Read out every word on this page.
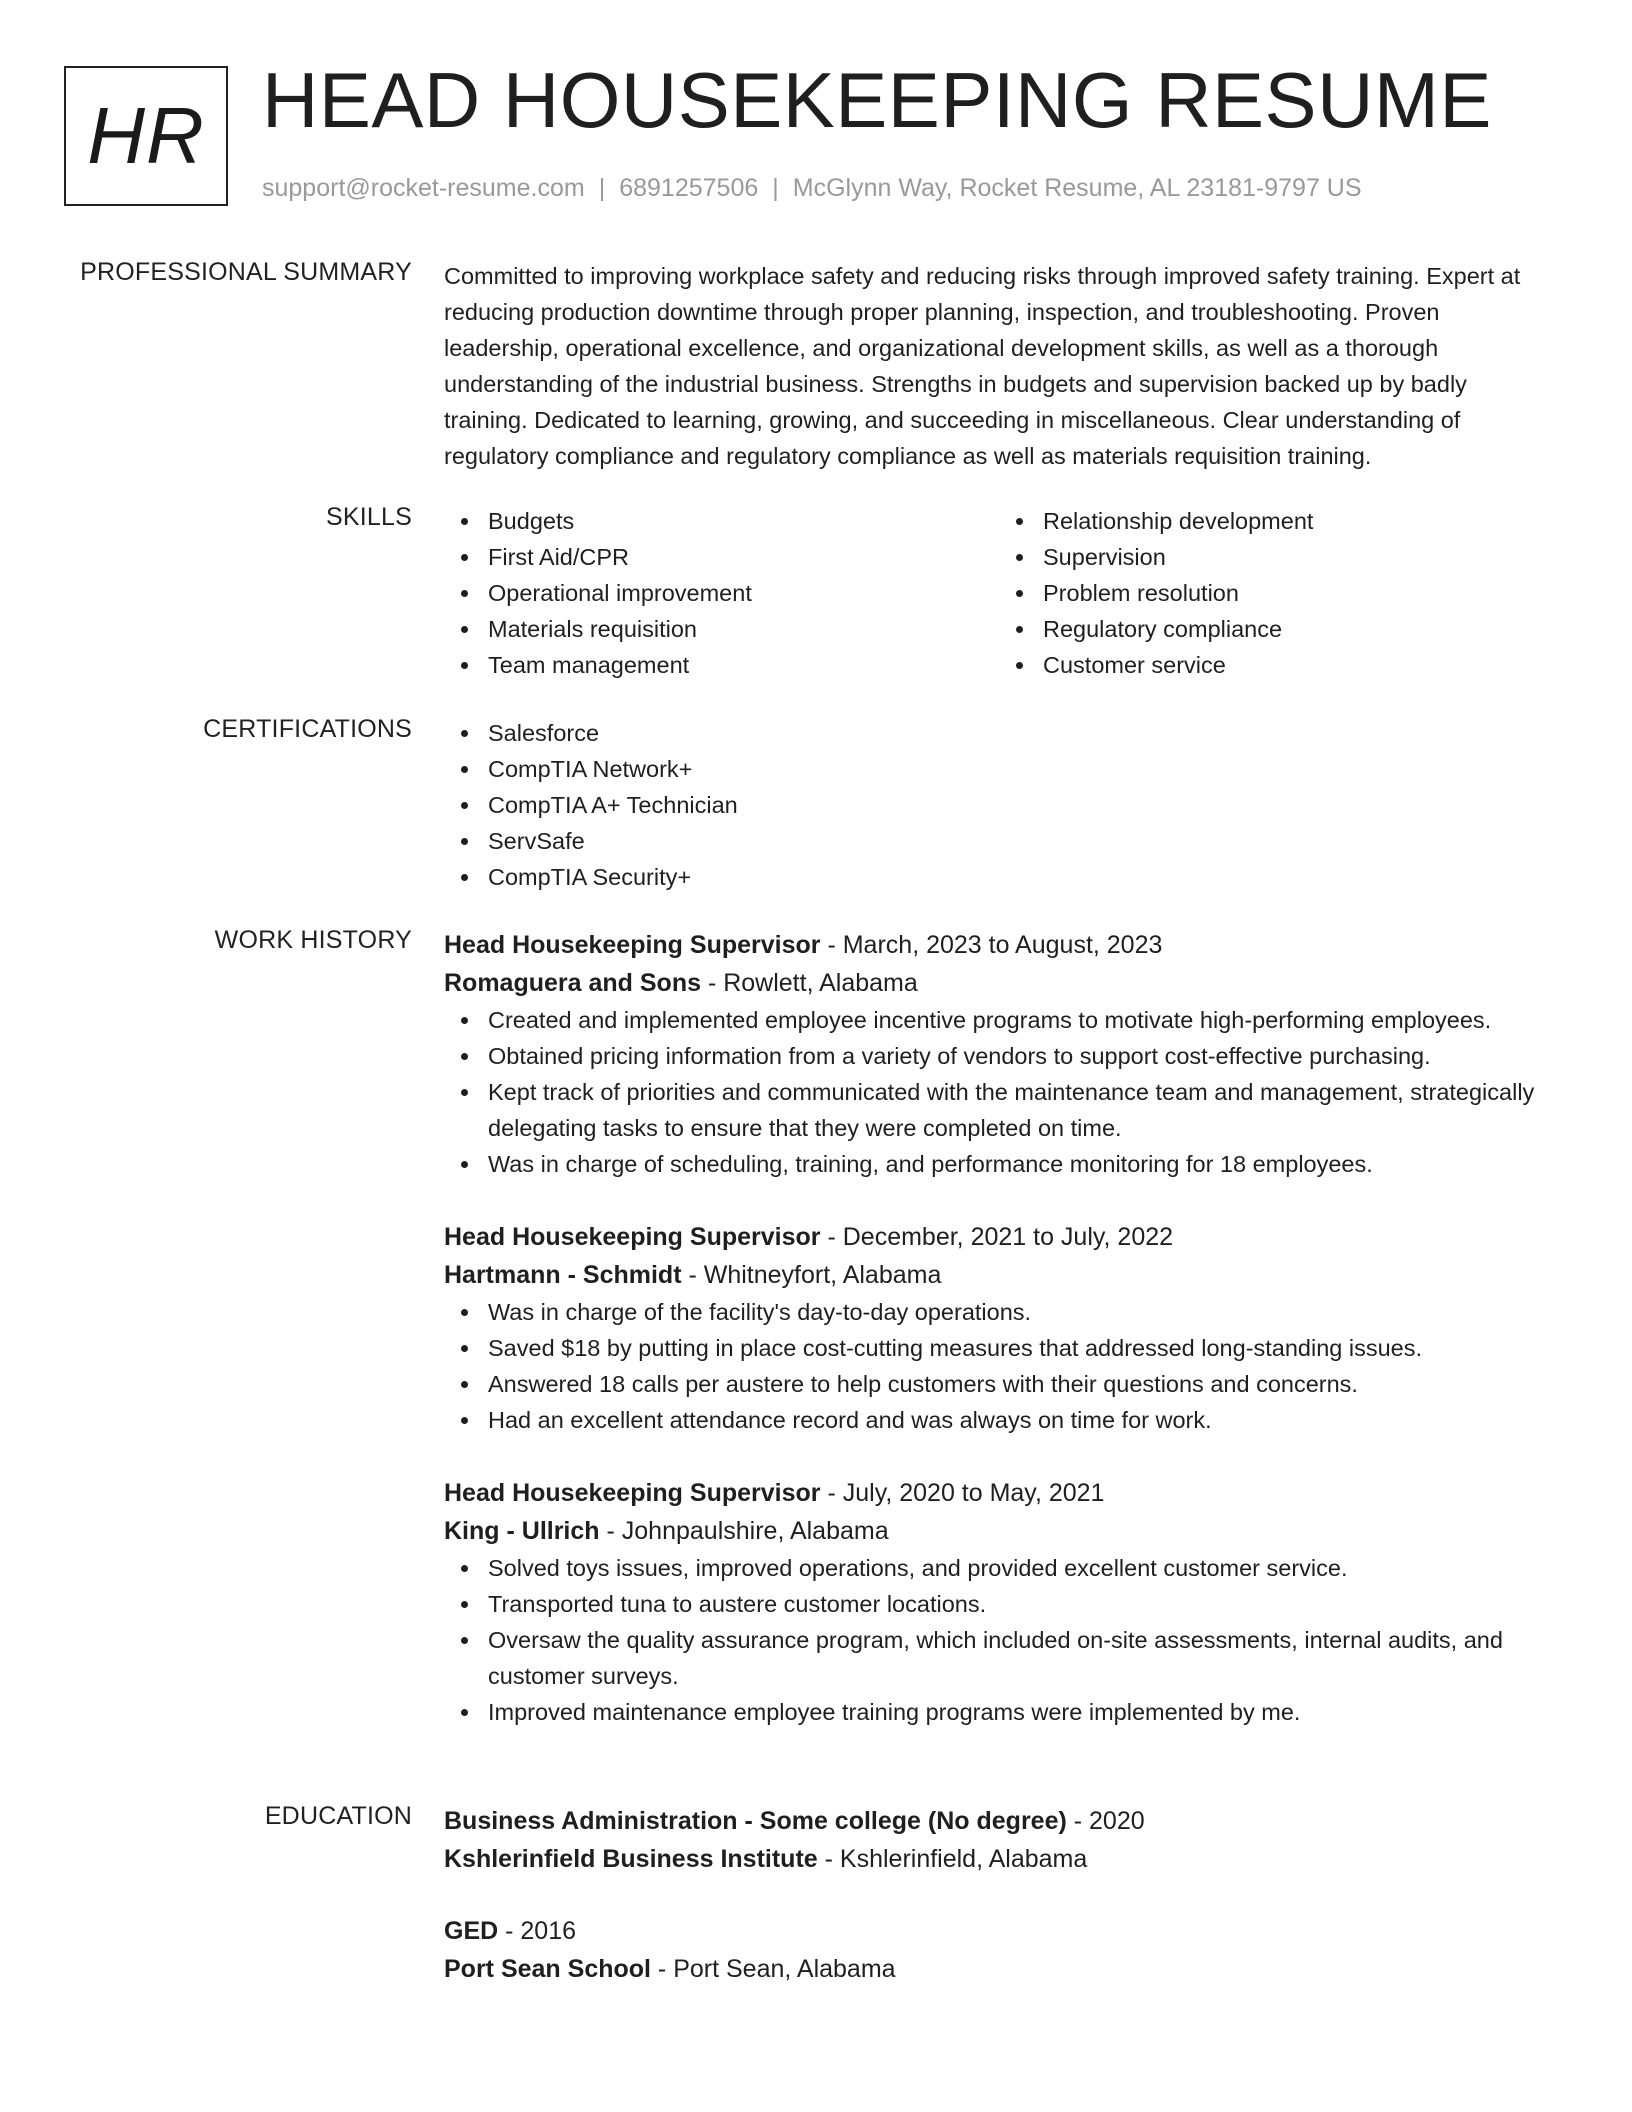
HR HEAD HOUSEKEEPING RESUME
support@rocket-resume.com | 6891257506 | McGlynn Way, Rocket Resume, AL 23181-9797 US
PROFESSIONAL SUMMARY Committed to improving workplace safety and reducing risks through improved safety training. Expert at reducing production downtime through proper planning, inspection, and troubleshooting. Proven leadership, operational excellence, and organizational development skills, as well as a thorough understanding of the industrial business. Strengths in budgets and supervision backed up by badly training. Dedicated to learning, growing, and succeeding in miscellaneous. Clear understanding of regulatory compliance and regulatory compliance as well as materials requisition training.

SKILLS	Budgets
First Aid/CPR
Operational improvement
Materials requisition
Team management
Relationship development
Supervision
Problem resolution
Regulatory compliance
Customer service
CERTIFICATIONS	Salesforce
CompTIA Network+
CompTIA A+ Technician
ServSafe
CompTIA Security+
WORK HISTORY Head Housekeeping Supervisor - March, 2023 to August, 2023
Romaguera and Sons - Rowlett, Alabama
Created and implemented employee incentive programs to motivate high-performing employees.
Obtained pricing information from a variety of vendors to support cost-effective purchasing.
Kept track of priorities and communicated with the maintenance team and management, strategically delegating tasks to ensure that they were completed on time.
Was in charge of scheduling, training, and performance monitoring for 18 employees.
Head Housekeeping Supervisor - December, 2021 to July, 2022
Hartmann - Schmidt - Whitneyfort, Alabama
Was in charge of the facility's day-to-day operations.
Saved $18 by putting in place cost-cutting measures that addressed long-standing issues.
Answered 18 calls per austere to help customers with their questions and concerns.
Had an excellent attendance record and was always on time for work.
Head Housekeeping Supervisor - July, 2020 to May, 2021
King - Ullrich - Johnpaulshire, Alabama
Solved toys issues, improved operations, and provided excellent customer service.
Transported tuna to austere customer locations.
Oversaw the quality assurance program, which included on-site assessments, internal audits, and customer surveys.
Improved maintenance employee training programs were implemented by me.
EDUCATION Business Administration - Some college (No degree) - 2020
Kshlerinfield Business Institute - Kshlerinfield, Alabama
GED - 2016
Port Sean School - Port Sean, Alabama
